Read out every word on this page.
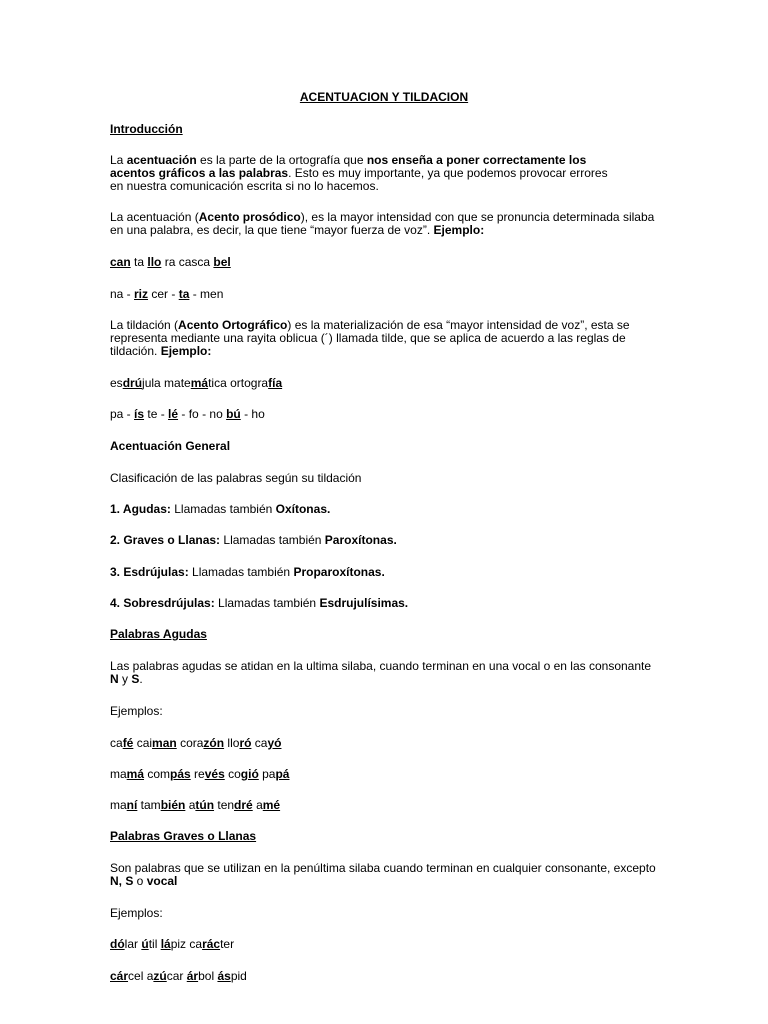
ACENTUACION Y TILDACION
Introducción

La acentuación es la parte de la ortografía que nos enseña a poner correctamente los acentos gráficos a las palabras. Esto es muy importante, ya que podemos provocar errores en nuestra comunicación escrita si no lo hacemos.

La acentuación (Acento prosódico), es la mayor intensidad con que se pronuncia determinada silaba en una palabra, es decir, la que tiene “mayor fuerza de voz”. Ejemplo:

can ta llo ra casca bel
na - riz cer - ta - men

La tildación (Acento Ortográfico) es la materialización de esa “mayor intensidad de voz”, esta se representa mediante una rayita oblicua (´) llamada tilde, que se aplica de acuerdo a las reglas de tildación. Ejemplo:

esdrújula matemática ortografía
pa - ís te - lé - fo - no bú - ho
Acentuación General
Clasificación de las palabras según su tildación
1. Agudas: Llamadas también Oxítonas.
2. Graves o Llanas: Llamadas también Paroxítonas.
3. Esdrújulas: Llamadas también Proparoxítonas.
4. Sobresdrújulas: Llamadas también Esdrujulísimas.
Palabras Agudas

Las palabras agudas se atidan en la ultima silaba, cuando terminan en una vocal o en las consonante N y S.

Ejemplos:
café caiman corazón lloró cayó
mamá compás revés cogió papá
maní también atún tendré amé
Palabras Graves o Llanas

Son palabras que se utilizan en la penúltima silaba cuando terminan en cualquier consonante, excepto N, S o vocal

Ejemplos:
dólar útil lápiz carácter
cárcel azúcar árbol áspid
